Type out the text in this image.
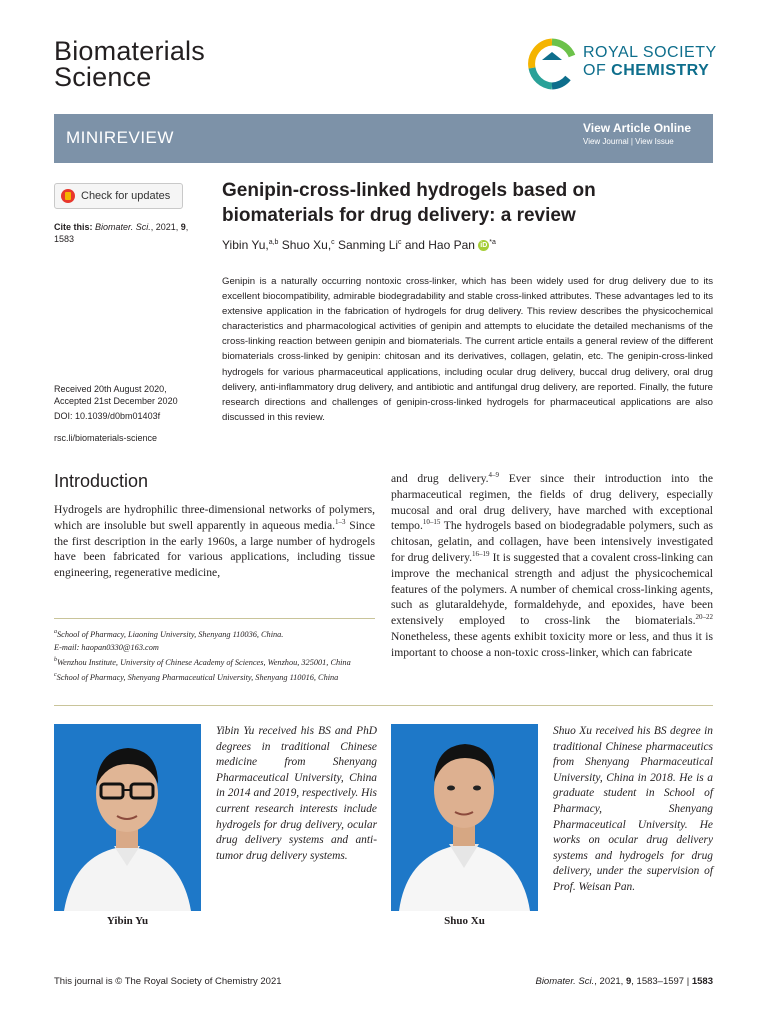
Biomaterials
Science
ROYAL SOCIETY
OF CHEMISTRY
MINIREVIEW	View Article Online
View Journal | View Issue
Check for updates
Cite this: Biomater. Sci., 2021, 9, 1583
Received 20th August 2020,
Accepted 21st December 2020
DOI: 10.1039/d0bm01403f
rsc.li/biomaterials-science
Genipin-cross-linked hydrogels based on biomaterials for drug delivery: a review
Yibin Yu,$^{a,b}$ Shuo Xu,$^c$ Sanming Li$^c$ and Hao Pan iD $^{*a}$
Genipin is a naturally occurring nontoxic cross-linker, which has been widely used for drug delivery due to its excellent biocompatibility, admirable biodegradability and stable cross-linked attributes. These advantages led to its extensive application in the fabrication of hydrogels for drug delivery. This review describes the physicochemical characteristics and pharmacological activities of genipin and attempts to elucidate the detailed mechanisms of the cross-linking reaction between genipin and biomaterials. The current article entails a general review of the different biomaterials cross-linked by genipin: chitosan and its derivatives, collagen, gelatin, etc. The genipin-cross-linked hydrogels for various pharmaceutical applications, including ocular drug delivery, buccal drug delivery, oral drug delivery, anti-inflammatory drug delivery, and antibiotic and antifungal drug delivery, are reported. Finally, the future research directions and challenges of genipin-cross-linked hydrogels for pharmaceutical applications are also discussed in this review.
Introduction
Hydrogels are hydrophilic three-dimensional networks of polymers, which are insoluble but swell apparently in aqueous media.$^{1-3}$ Since the first description in the early 1960s, a large number of hydrogels have been fabricated for various applications, including tissue engineering, regenerative medicine,
and drug delivery.$^{4-9}$ Ever since their introduction into the pharmaceutical regimen, the fields of drug delivery, especially mucosal and oral drug delivery, have marched with exceptional tempo.$^{10-15}$ The hydrogels based on biodegradable polymers, such as chitosan, gelatin, and collagen, have been intensively investigated for drug delivery.$^{16-19}$ It is suggested that a covalent cross-linking can improve the mechanical strength and adjust the physicochemical features of the polymers. A number of chemical cross-linking agents, such as glutaraldehyde, formaldehyde, and epoxides, have been extensively employed to cross-link the biomaterials.$^{20-22}$ Nonetheless, these agents exhibit toxicity more or less, and thus it is important to choose a non-toxic cross-linker, which can fabricate
$^a$School of Pharmacy, Liaoning University, Shenyang 110036, China.
E-mail: haopan0330@163.com
$^b$Wenzhou Institute, University of Chinese Academy of Sciences, Wenzhou, 325001, China
$^c$School of Pharmacy, Shenyang Pharmaceutical University, Shenyang 110016, China
Yibin Yu received his BS and PhD degrees in traditional Chinese medicine from Shenyang Pharmaceutical University, China in 2014 and 2019, respectively. His current research interests include hydrogels for drug delivery, ocular drug delivery systems and anti-tumor drug delivery systems.
Yibin Yu
Shuo Xu received his BS degree in traditional Chinese pharmaceutics from Shenyang Pharmaceutical University, China in 2018. He is a graduate student in School of Pharmacy, Shenyang Pharmaceutical University. He works on ocular drug delivery systems and hydrogels for drug delivery, under the supervision of Prof. Weisan Pan.
Shuo Xu
This journal is © The Royal Society of Chemistry 2021	Biomater. Sci., 2021, 9, 1583–1597 | 1583
